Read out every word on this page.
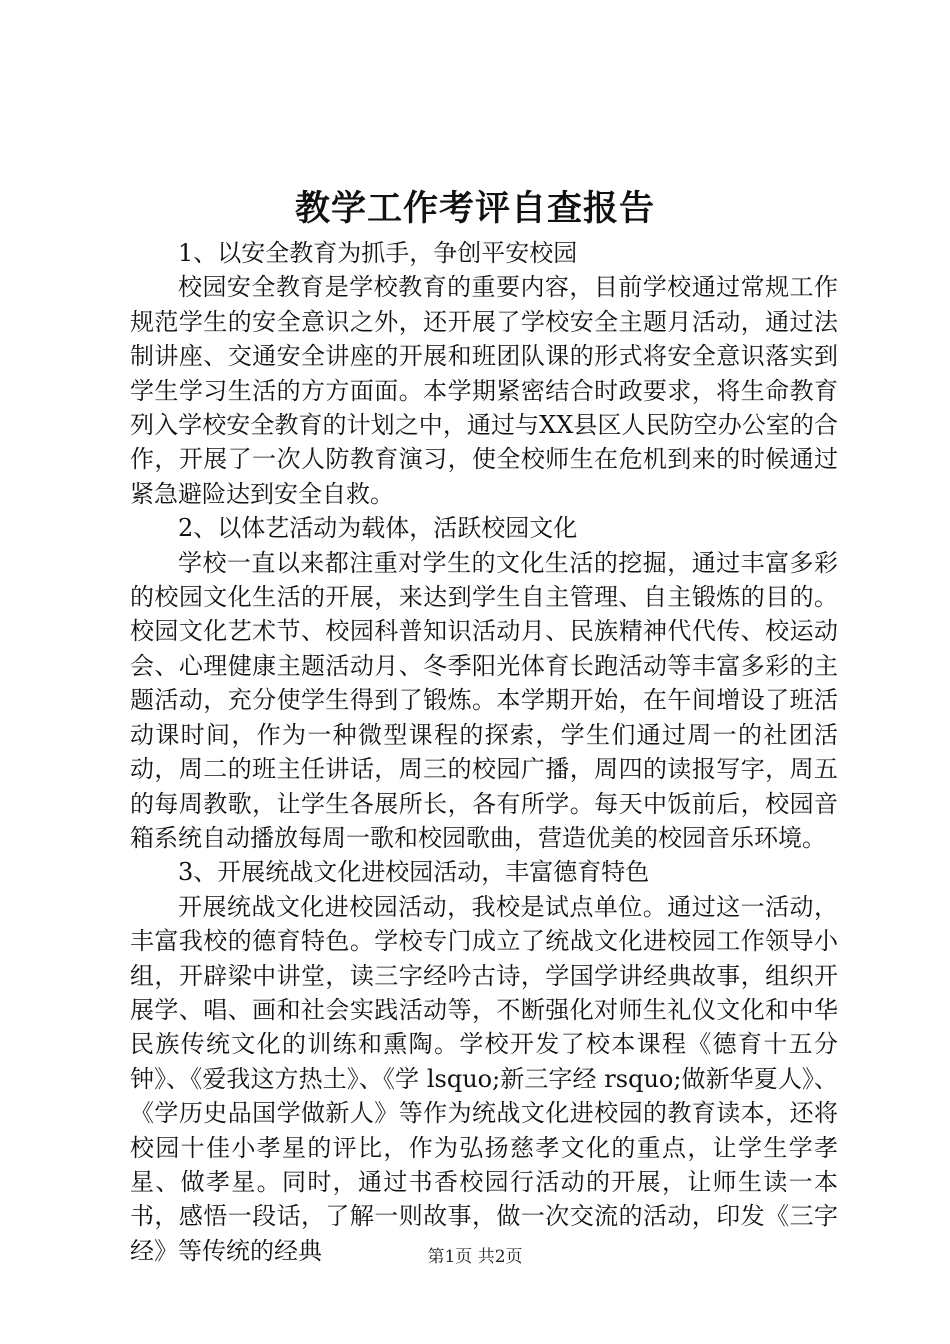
教学工作考评自查报告

1、以安全教育为抓手，争创平安校园

校园安全教育是学校教育的重要内容，目前学校通过常规工作规范学生的安全意识之外，还开展了学校安全主题月活动，通过法制讲座、交通安全讲座的开展和班团队课的形式将安全意识落实到学生学习生活的方方面面。本学期紧密结合时政要求，将生命教育列入学校安全教育的计划之中，通过与XX县区人民防空办公室的合作，开展了一次人防教育演习，使全校师生在危机到来的时候通过紧急避险达到安全自救。

2、以体艺活动为载体，活跃校园文化

学校一直以来都注重对学生的文化生活的挖掘，通过丰富多彩的校园文化生活的开展，来达到学生自主管理、自主锻炼的目的。校园文化艺术节、校园科普知识活动月、民族精神代代传、校运动会、心理健康主题活动月、冬季阳光体育长跑活动等丰富多彩的主题活动，充分使学生得到了锻炼。本学期开始，在午间增设了班活动课时间，作为一种微型课程的探索，学生们通过周一的社团活动，周二的班主任讲话，周三的校园广播，周四的读报写字，周五的每周教歌，让学生各展所长，各有所学。每天中饭前后，校园音箱系统自动播放每周一歌和校园歌曲，营造优美的校园音乐环境。

3、开展统战文化进校园活动，丰富德育特色

开展统战文化进校园活动，我校是试点单位。通过这一活动，丰富我校的德育特色。学校专门成立了统战文化进校园工作领导小组，开辟梁中讲堂，读三字经吟古诗，学国学讲经典故事，组织开展学、唱、画和社会实践活动等，不断强化对师生礼仪文化和中华民族传统文化的训练和熏陶。学校开发了校本课程《德育十五分钟》、《爱我这方热土》、《学 lsquo;新三字经 rsquo;做新华夏人》、《学历史品国学做新人》等作为统战文化进校园的教育读本，还将校园十佳小孝星的评比，作为弘扬慈孝文化的重点，让学生学孝星、做孝星。同时，通过书香校园行活动的开展，让师生读一本书，感悟一段话，了解一则故事，做一次交流的活动，印发《三字经》等传统的经典	第1页 共2页
